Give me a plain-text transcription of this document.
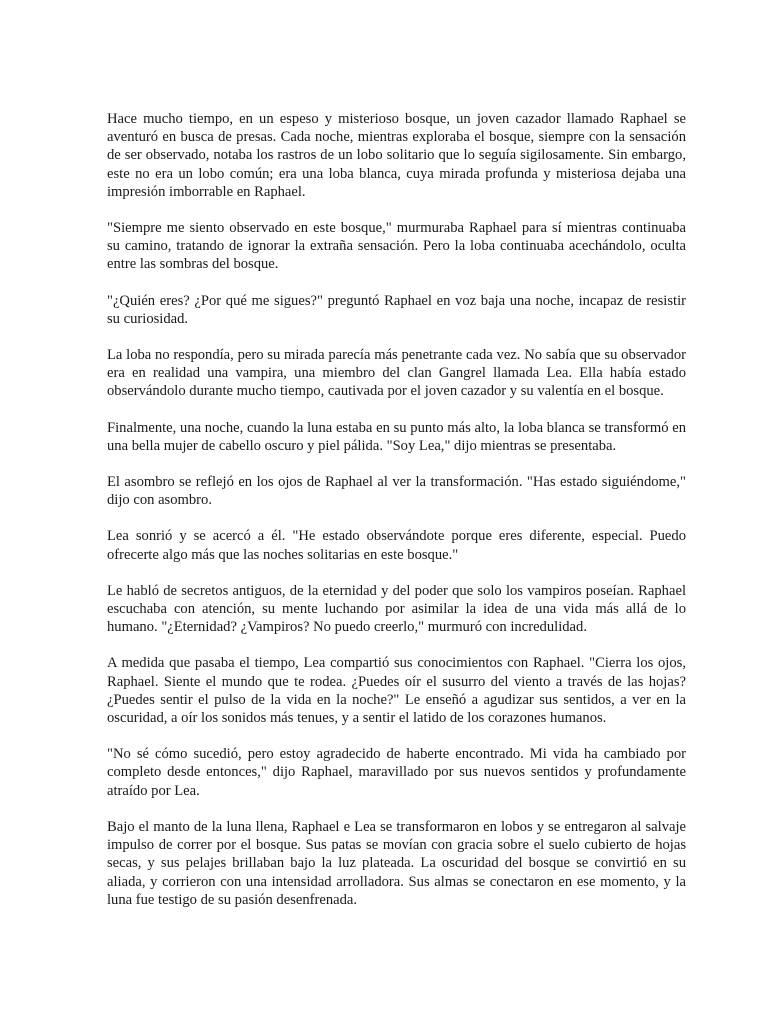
Hace mucho tiempo, en un espeso y misterioso bosque, un joven cazador llamado Raphael se aventuró en busca de presas. Cada noche, mientras exploraba el bosque, siempre con la sensación de ser observado, notaba los rastros de un lobo solitario que lo seguía sigilosamente. Sin embargo, este no era un lobo común; era una loba blanca, cuya mirada profunda y misteriosa dejaba una impresión imborrable en Raphael.

"Siempre me siento observado en este bosque," murmuraba Raphael para sí mientras continuaba su camino, tratando de ignorar la extraña sensación. Pero la loba continuaba acechándolo, oculta entre las sombras del bosque.

"¿Quién eres? ¿Por qué me sigues?" preguntó Raphael en voz baja una noche, incapaz de resistir su curiosidad.

La loba no respondía, pero su mirada parecía más penetrante cada vez. No sabía que su observador era en realidad una vampira, una miembro del clan Gangrel llamada Lea. Ella había estado observándolo durante mucho tiempo, cautivada por el joven cazador y su valentía en el bosque.

Finalmente, una noche, cuando la luna estaba en su punto más alto, la loba blanca se transformó en una bella mujer de cabello oscuro y piel pálida. "Soy Lea," dijo mientras se presentaba.

El asombro se reflejó en los ojos de Raphael al ver la transformación. "Has estado siguiéndome," dijo con asombro.

Lea sonrió y se acercó a él. "He estado observándote porque eres diferente, especial. Puedo ofrecerte algo más que las noches solitarias en este bosque."

Le habló de secretos antiguos, de la eternidad y del poder que solo los vampiros poseían. Raphael escuchaba con atención, su mente luchando por asimilar la idea de una vida más allá de lo humano. "¿Eternidad? ¿Vampiros? No puedo creerlo," murmuró con incredulidad.

A medida que pasaba el tiempo, Lea compartió sus conocimientos con Raphael. "Cierra los ojos, Raphael. Siente el mundo que te rodea. ¿Puedes oír el susurro del viento a través de las hojas? ¿Puedes sentir el pulso de la vida en la noche?" Le enseñó a agudizar sus sentidos, a ver en la oscuridad, a oír los sonidos más tenues, y a sentir el latido de los corazones humanos.

"No sé cómo sucedió, pero estoy agradecido de haberte encontrado. Mi vida ha cambiado por completo desde entonces," dijo Raphael, maravillado por sus nuevos sentidos y profundamente atraído por Lea.

Bajo el manto de la luna llena, Raphael e Lea se transformaron en lobos y se entregaron al salvaje impulso de correr por el bosque. Sus patas se movían con gracia sobre el suelo cubierto de hojas secas, y sus pelajes brillaban bajo la luz plateada. La oscuridad del bosque se convirtió en su aliada, y corrieron con una intensidad arrolladora. Sus almas se conectaron en ese momento, y la luna fue testigo de su pasión desenfrenada.
